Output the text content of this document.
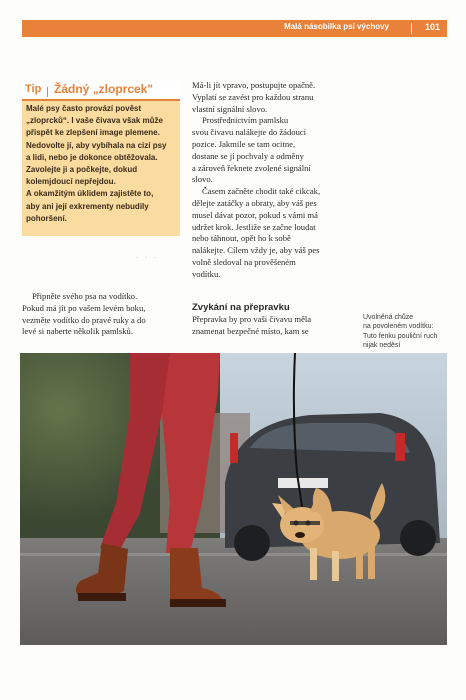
Malá násobilka psí výchovy	101
Tip Žádný „zloprcek"
Malé psy často provází pověst
„zloprcků“. I vaše čivava však může
přispět ke zlepšení image plemene.
Nedovolte jí, aby vybíhala na cizí psy
a lidi, nebo je dokonce obtěžovala.
Zavolejte ji a počkejte, dokud
kolemjdoucí nepřejdou.
A okamžitým úklidem zajistěte to,
aby ani její exkrementy nebudily
pohoršení.
· · ·
Připněte svého psa na vodítko.
Pokud má jít po vašem levém boku,
vezměte vodítko do pravé ruky a do
levé si naberte několik pamlsků.
Má-li jít vpravo, postupujte opačně.
Vyplatí se zavést pro každou stranu
vlastní signální slovo.
Prostřednictvím pamlsku
svou čivavu nalákejte do žádoucí
pozice. Jakmile se tam ocitne,
dostane se jí pochvaly a odměny
a zároveň řeknete zvolené signální
slovo.
Časem začněte chodit také cikcak,
dělejte zatáčky a obraty, aby váš pes
musel dávat pozor, pokud s vámi má
udržet krok. Jestliže se začne loudat
nebo táhnout, opět ho k sobě
nalákejte. Cílem vždy je, aby váš pes
volně sledoval na prověšeném
vodítku.
Zvykání na přepravku
Přepravka by pro vaši čivavu měla
znamenat bezpečné místo, kam se
Uvolněná chůze
na povoleném vodítku:
Tuto fenku pouliční ruch
nijak neděsí
